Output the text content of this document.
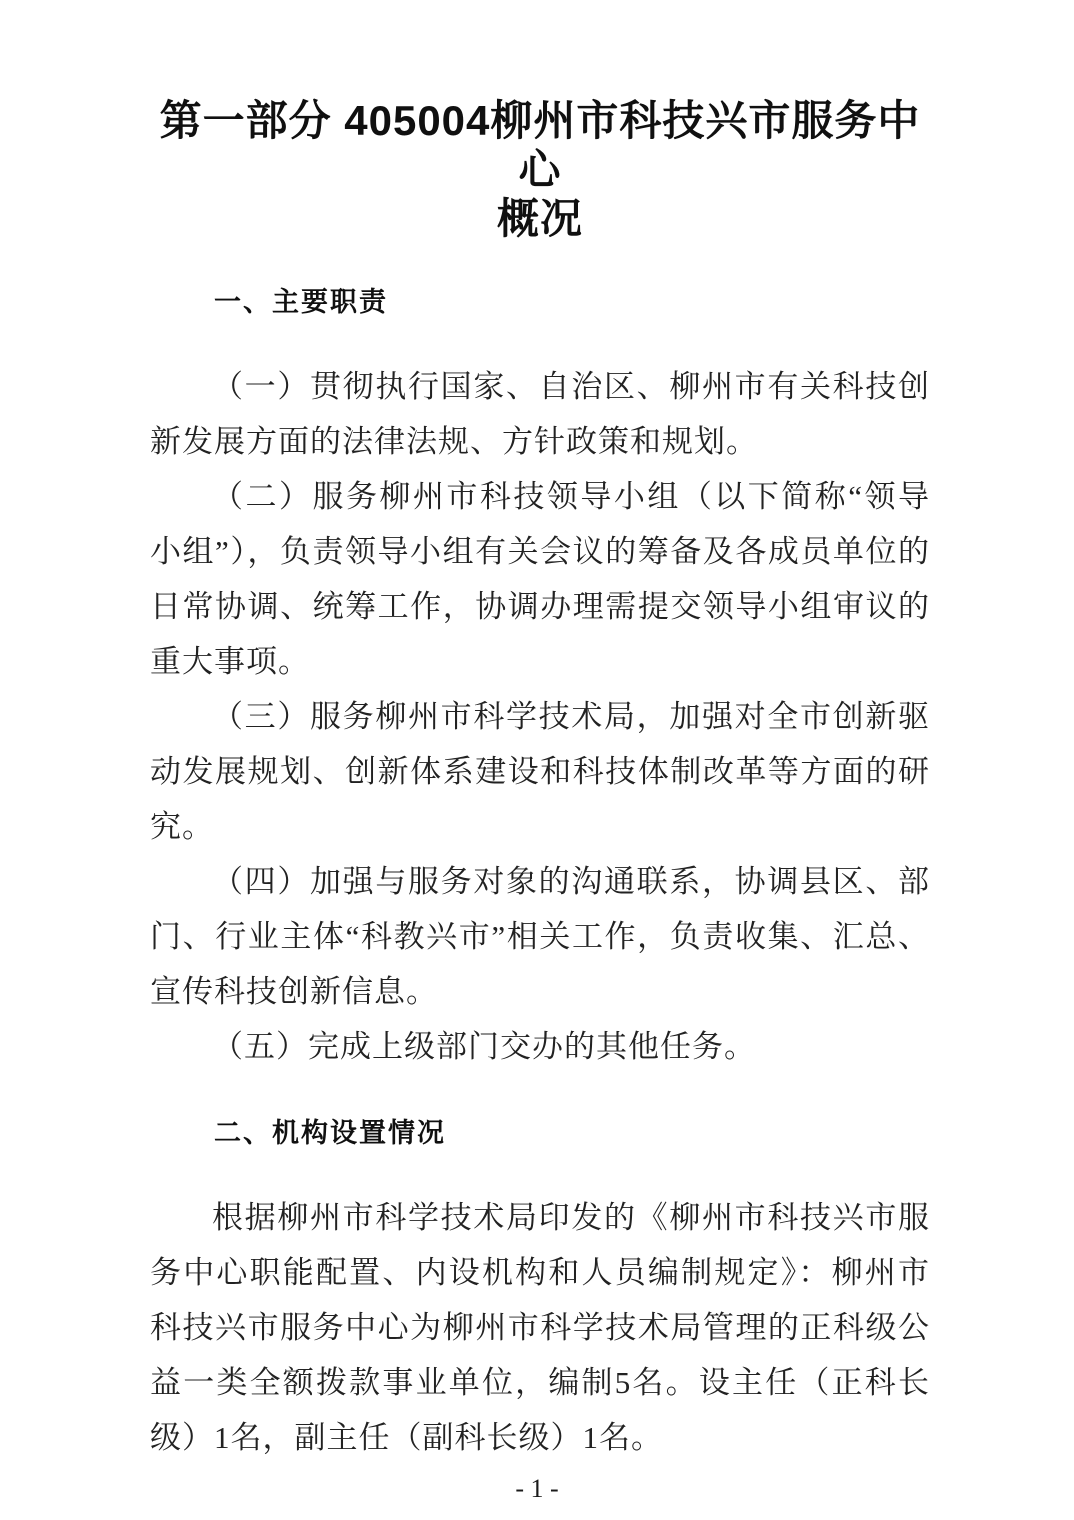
第一部分 405004柳州市科技兴市服务中心
概况
一、主要职责

（一）贯彻执行国家、自治区、柳州市有关科技创新发展方面的法律法规、方针政策和规划。

（二）服务柳州市科技领导小组（以下简称“领导小组”），负责领导小组有关会议的筹备及各成员单位的日常协调、统筹工作，协调办理需提交领导小组审议的重大事项。

（三）服务柳州市科学技术局，加强对全市创新驱动发展规划、创新体系建设和科技体制改革等方面的研究。

（四）加强与服务对象的沟通联系，协调县区、部门、行业主体“科教兴市”相关工作，负责收集、汇总、宣传科技创新信息。

（五）完成上级部门交办的其他任务。

二、机构设置情况

根据柳州市科学技术局印发的《柳州市科技兴市服务中心职能配置、内设机构和人员编制规定》：柳州市科技兴市服务中心为柳州市科学技术局管理的正科级公益一类全额拨款事业单位，编制5名。设主任（正科长级）1名，副主任（副科长级）1名。

- 1 -
